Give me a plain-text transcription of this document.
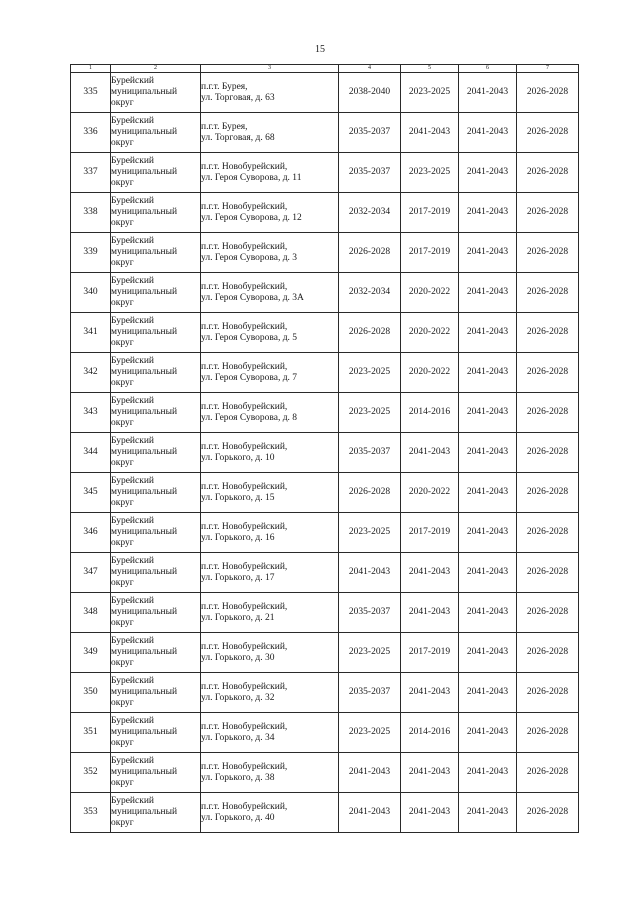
15
1	2	3	4	5	6	7
335	Бурейский
муниципальный
округ	п.г.т. Бурея,
ул. Торговая, д. 63	2038-2040	2023-2025	2041-2043	2026-2028
336	Бурейский
муниципальный
округ	п.г.т. Бурея,
ул. Торговая, д. 68	2035-2037	2041-2043	2041-2043	2026-2028
337	Бурейский
муниципальный
округ	п.г.т. Новобурейский,
ул. Героя Суворова, д. 11	2035-2037	2023-2025	2041-2043	2026-2028
338	Бурейский
муниципальный
округ	п.г.т. Новобурейский,
ул. Героя Суворова, д. 12	2032-2034	2017-2019	2041-2043	2026-2028
339	Бурейский
муниципальный
округ	п.г.т. Новобурейский,
ул. Героя Суворова, д. 3	2026-2028	2017-2019	2041-2043	2026-2028
340	Бурейский
муниципальный
округ	п.г.т. Новобурейский,
ул. Героя Суворова, д. 3А	2032-2034	2020-2022	2041-2043	2026-2028
341	Бурейский
муниципальный
округ	п.г.т. Новобурейский,
ул. Героя Суворова, д. 5	2026-2028	2020-2022	2041-2043	2026-2028
342	Бурейский
муниципальный
округ	п.г.т. Новобурейский,
ул. Героя Суворова, д. 7	2023-2025	2020-2022	2041-2043	2026-2028
343	Бурейский
муниципальный
округ	п.г.т. Новобурейский,
ул. Героя Суворова, д. 8	2023-2025	2014-2016	2041-2043	2026-2028
344	Бурейский
муниципальный
округ	п.г.т. Новобурейский,
ул. Горького, д. 10	2035-2037	2041-2043	2041-2043	2026-2028
345	Бурейский
муниципальный
округ	п.г.т. Новобурейский,
ул. Горького, д. 15	2026-2028	2020-2022	2041-2043	2026-2028
346	Бурейский
муниципальный
округ	п.г.т. Новобурейский,
ул. Горького, д. 16	2023-2025	2017-2019	2041-2043	2026-2028
347	Бурейский
муниципальный
округ	п.г.т. Новобурейский,
ул. Горького, д. 17	2041-2043	2041-2043	2041-2043	2026-2028
348	Бурейский
муниципальный
округ	п.г.т. Новобурейский,
ул. Горького, д. 21	2035-2037	2041-2043	2041-2043	2026-2028
349	Бурейский
муниципальный
округ	п.г.т. Новобурейский,
ул. Горького, д. 30	2023-2025	2017-2019	2041-2043	2026-2028
350	Бурейский
муниципальный
округ	п.г.т. Новобурейский,
ул. Горького, д. 32	2035-2037	2041-2043	2041-2043	2026-2028
351	Бурейский
муниципальный
округ	п.г.т. Новобурейский,
ул. Горького, д. 34	2023-2025	2014-2016	2041-2043	2026-2028
352	Бурейский
муниципальный
округ	п.г.т. Новобурейский,
ул. Горького, д. 38	2041-2043	2041-2043	2041-2043	2026-2028
353	Бурейский
муниципальный
округ	п.г.т. Новобурейский,
ул. Горького, д. 40	2041-2043	2041-2043	2041-2043	2026-2028
